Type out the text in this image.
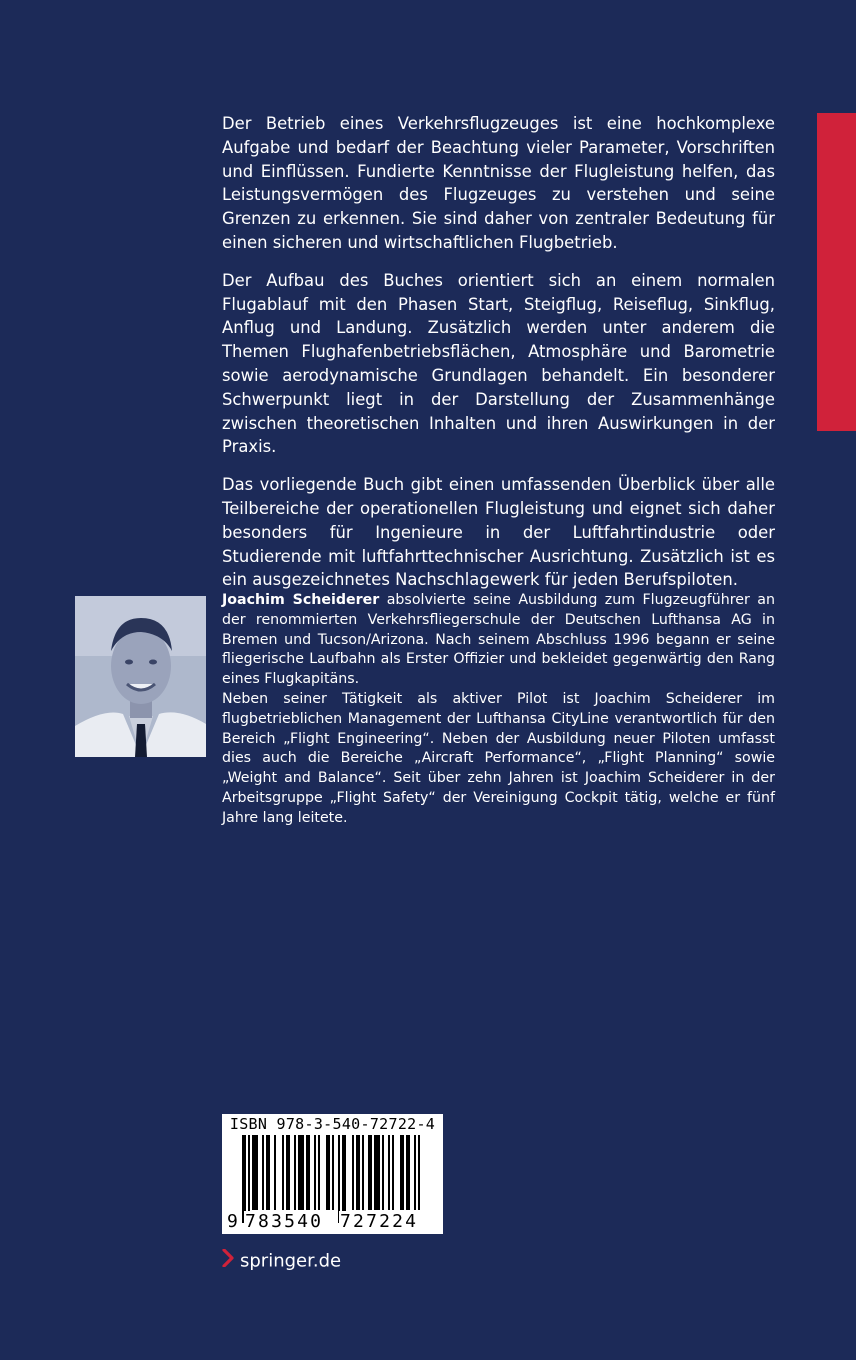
Der Betrieb eines Verkehrsflugzeuges ist eine hochkomplexe Aufgabe und bedarf der Beachtung vieler Parameter, Vorschriften und Einflüssen. Fundierte Kenntnisse der Flugleistung helfen, das Leistungsvermögen des Flugzeuges zu verstehen und seine Grenzen zu erkennen. Sie sind daher von zentraler Bedeutung für einen sicheren und wirtschaftlichen Flugbetrieb.

Der Aufbau des Buches orientiert sich an einem normalen Flugablauf mit den Phasen Start, Steigflug, Reiseflug, Sinkflug, Anflug und Landung. Zusätzlich werden unter anderem die Themen Flughafenbetriebsflächen, Atmosphäre und Barometrie sowie aerodynamische Grundlagen behandelt. Ein besonderer Schwerpunkt liegt in der Darstellung der Zusammenhänge zwischen theoretischen Inhalten und ihren Auswirkungen in der Praxis.

Das vorliegende Buch gibt einen umfassenden Überblick über alle Teilbereiche der operationellen Flugleistung und eignet sich daher besonders für Ingenieure in der Luftfahrtindustrie oder Studierende mit luftfahrttechnischer Ausrichtung. Zusätzlich ist es ein ausgezeichnetes Nachschlagewerk für jeden Berufspiloten.

Joachim Scheiderer absolvierte seine Ausbildung zum Flugzeugführer an der renommierten Verkehrsfliegerschule der Deutschen Lufthansa AG in Bremen und Tucson/Arizona. Nach seinem Abschluss 1996 begann er seine fliegerische Laufbahn als Erster Offizier und bekleidet gegenwärtig den Rang eines Flugkapitäns.

Neben seiner Tätigkeit als aktiver Pilot ist Joachim Scheiderer im flugbetrieblichen Management der Lufthansa CityLine verantwortlich für den Bereich „Flight Engineering“. Neben der Ausbildung neuer Piloten umfasst dies auch die Bereiche „Aircraft Performance“, „Flight Planning“ sowie „Weight and Balance“. Seit über zehn Jahren ist Joachim Scheiderer in der Arbeitsgruppe „Flight Safety“ der Vereinigung Cockpit tätig, welche er fünf Jahre lang leitete.

ISBN 978-3-540-72722-4
9 783540 727224
springer.de
